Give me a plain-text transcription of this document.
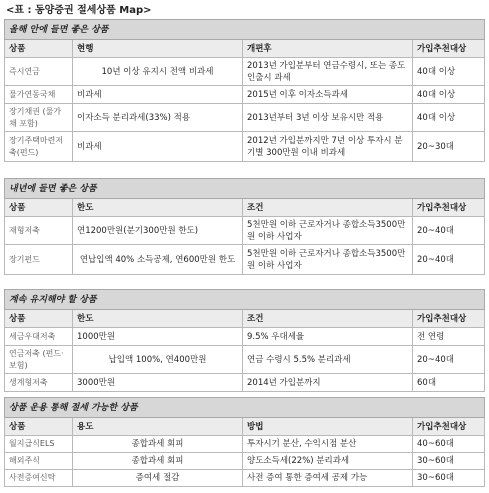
<표 : 동양증권 절세상품 Map>
올해 안에 들면 좋은 상품			
상품	현행	개편후	가입추천대상
즉시연금	10년 이상 유지시 전액 비과세	2013년 가입분부터 연금수령시, 또는 종도인출시 과세	40대 이상
물가연동국채	비과세	2015년 이후 이자소득과세	40대 이상
장기채권 (물가채 포함)	이자소득 분리과세(33%) 적용	2013년부터 3년 이상 보유시만 적용	40대 이상
장기주택마련저축(펀드)	비과세	2012년 가입분까지만 7년 이상 투자시 분기별 300만원 이내 비과세	20~30대
내년에 들면 좋은 상품			
상품	한도	조건	가입추천대상
재형저축	연1200만원(분기300만원 한도)	5천만원 이하 근로자거나 종합소득3500만원 이하 사업자	20~40대
장기펀드	연납입액 40% 소득공제, 연600만원 한도	5천만원 이하 근로자거나 종합소득3500만원 이하 사업자	20~40대
계속 유지해야 할 상품			
상품	한도	조건	가입추천대상
세금우대저축	1000만원	9.5% 우대세율	전 연령
연금저축 (펀드·보험)	납입액 100%, 연400만원	연금 수령시 5.5% 분리과세	20~40대
생계형저축	3000만원	2014년 가입분까지	60대
상품 운용 통해 절세 가능한 상품			
상품	용도	방법	가입추천대상
월지급식ELS	종합과세 회피	투자시기 분산, 수익시점 분산	40~60대
해외주식	종합과세 회피	양도소득세(22%) 분리과세	30~60대
사전증여신탁	증여세 절감	사전 증여 통한 증여세 공제 가능	30~60대
